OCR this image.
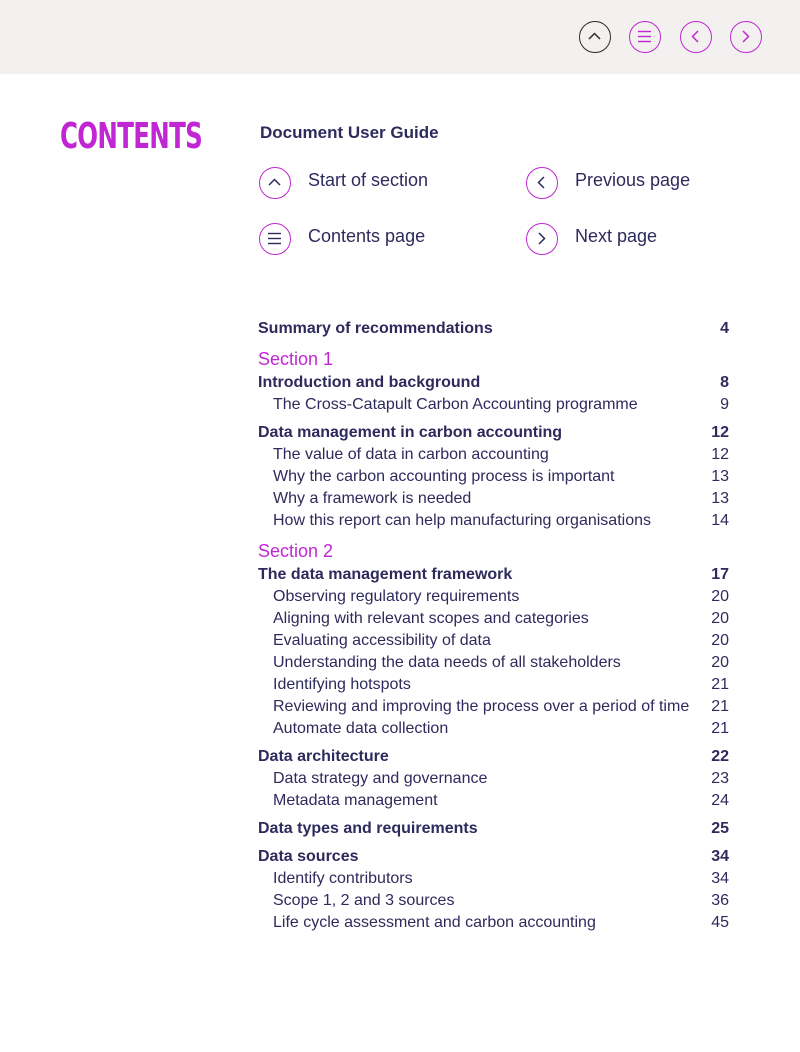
CONTENTS	Document User Guide
Start of section	Previous page
Contents page	Next page
Summary of recommendations	4
Section 1
Introduction and background	8
The Cross-Catapult Carbon Accounting programme	9
Data management in carbon accounting	12
The value of data in carbon accounting	12
Why the carbon accounting process is important	13
Why a framework is needed	13
How this report can help manufacturing organisations	14
Section 2
The data management framework	17
Observing regulatory requirements	20
Aligning with relevant scopes and categories	20
Evaluating accessibility of data	20
Understanding the data needs of all stakeholders	20
Identifying hotspots	21
Reviewing and improving the process over a period of time 21
Automate data collection	21
Data architecture	22
Data strategy and governance	23
Metadata management	24
Data types and requirements	25
Data sources	34
Identify contributors	34
Scope 1, 2 and 3 sources	36
Life cycle assessment and carbon accounting	45
